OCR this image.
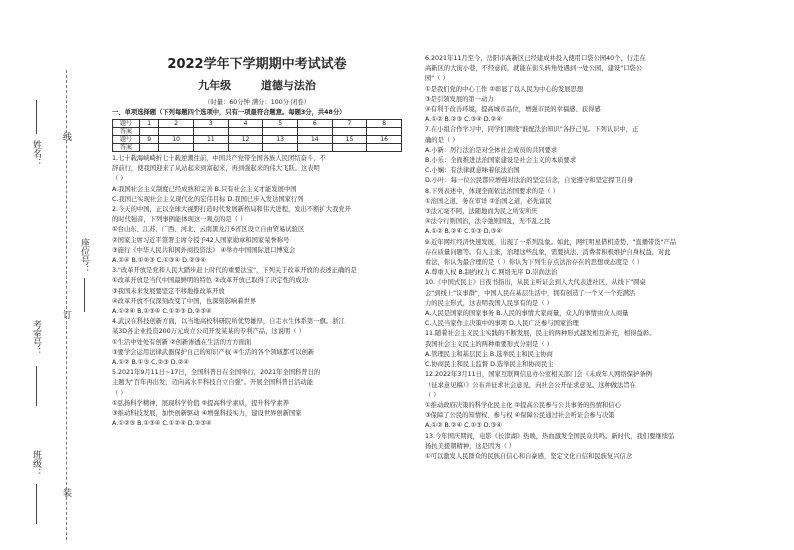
线
订
装
姓名：
座位号：
考室号：
班级：
2022学年下学期期中考试试卷
九年级	道德与法治
（时量：60分钟 满分：100分 闭卷）
一、单项选择题（下列每题四个选项中，只有一项最符合题意。每题3分，共48分）
题号	1	2	3	4	5	6	7	8
答案								
题号	9	10	11	12	13	14	15	16
答案								

1.七十载海峡崎折七十载逆潮往前，中国共产党带全国各族人民团结奋斗，不

辞前行，使我国迎来了从站起来到富起来，再到强起来的伟大飞跃。这表明

（ ）

A.我国社会主义制度已经成熟和完善 B.只有社会主义才能发展中国

C.我国已实现社会主义现代化的宏伟目标 D.我国已步入发达国家行列

2.今天的中国，正以全球大视野打造时代发展新格局和伟大进程，发出不断扩大我党开

的时代强音，下列事例能体现这一观点的是（ ）

①台山东、江苏、广西、河北、云南黑龙江6省区设立自由贸易试验区

②国家主席习近平签署主席令授予42人国家勋章和国家荣誉称号

③施行《中华人民共和国外商投资法》 ④举办中国国际进口博览会

A.①④ B.①②③ C.①③④ D.②③④

3."改革开放是党和人民大踏步赶上时代的重要法宝"，下列关于改革开放的表述正确的是

①改革开放是当代中国最鲜明的特色 ②改革开放已取得了决定性的成功

③我国未来发展要坚定不移地推改革开放

④改革开放不仅深刻改变了中国，也深刻影响着世界

A.①②④ B.①③④ C.①②③ D.②③④

4.武汉在科技创新方面，以当地高校科研院所优势雄厚，自走水生体系第一旗。浙江

某3D各企业投资200万元成立公司开发某某的专利产品，这说明（ ）

①生活中处处有创新 ②创新渗透在生活的方方面面

③要学会运用法律武器保护自己的知识产权 ④生活的各个领域都可以创新

A.①② B.①③ C.②③ D.②④

5.2021年9月11日~17日，全国科普日在全国举行，2021年全国科普日的

主题为"百年再出发，迈向高水平科技自立自强"。开展全国科普日活动能

（ ）

①弘扬科学精神，展现科学价值 ②提高科学素质，提升科学素养

③推动科技发展，加快创新驱动 ④增强科技实力，建设世界创新国家

A.①②③ B.①③④ C.①②④ D.②③④

6.2021年11月至今，岳阳市高新区已经建成并投入使用口袋公园40个，行走在

高新区的大街小巷，不经意间，就能在街头转角处遇到一处公园，建设"口袋公

园"（ ）

①是我们党的中心工作 ②彰显了以人民为中心的发展思想

③是引领发展的第一动力

④有利于改善环境，提高城市品位，增强市民的幸福感、获得感

A.①② B.②③ C.③④ D.②④

7.在小组合作学习中，同学们围绕"谁配法治知识"各抒己见。下列认识中，正

确的是（ ）

A.小新：厉行法治是对全体社会成员的共同要求

B.小乐：全面推进法治国家建设是社会主义的本质要求

C.小娴：有法律就意味着依法治国

D.小叶：每一位公民都应增强对法治的坚定信念，自觉遵守和坚定捍卫自身

8.下列表述中，体现全面依法治国要求的是（ ）

①治国之道，务在审详 ②治国之道，必先富民

③法元毫不阿，法随地而为民之所安所庆

④法令行则国治，法令弛则国乱，无不乱之民

A.①② B.②④ C.①③ D.③④

9.近年网红经济快速发展，出现了一系列乱象。如此，网红明星借机造势，"直播带货"产品

存在质量问题等。有人主张，治理这些乱象，需要执法、消费者积极维护自身权益，对此

看法，你认为最合理的是（ ）你认为下列生存点法治存在的思想或态度是（ ）

A.尊重人权 B.制约权力 C.网络无序 D.崇尚法治

10.《中国式民主》日夜书指出，从民主听证会到人大代表进社区，从线下"圆桌

会"到线上"议事群"，中国人民在基层生活中，拥有创造了一个又一个充满活

力的民主形式，这表明我国人民享有的是（ ）

A.人民是国家的国家事务 B.人民的事情大家商量，众人的事情由众人商量

C.人民当家作主决策中的事项 D.人民广泛参与国家治理

11.随着社会主义民主实践的不断发展，民主的两种形式越发相互补充，相得益彰。

我国社会主义民主的两种重要形式分别是（ ）

A.管理民主和基层民主 B.选举民主和民主协商

C.协商民主和民主监督 D.选举民主和协商民主

12.2022年3月11日，国家互联网信息办公室相关部门会《未成年人网络保护条例

（征求意见稿）》公布并征求社会意见，向社会公开征求意见。这种做法旨在

（ ）

①推动政府决策的科学化民主化 ②提高公民参与公共事务的热情和信心

③保障了公民的知情权、参与权 ④保障公民通过社会听证会参与决策

A.①② B.②④ C.①③ D.③④

13.今年国庆期间，电影《长津湖》热映，热血激发全国民众共鸣。新时代，我们要继续弘

扬抗美援朝精神，这是因为（ ）

①可以激发人民群众的民族自信心和自豪感，坚定文化自信和民族复兴信念
